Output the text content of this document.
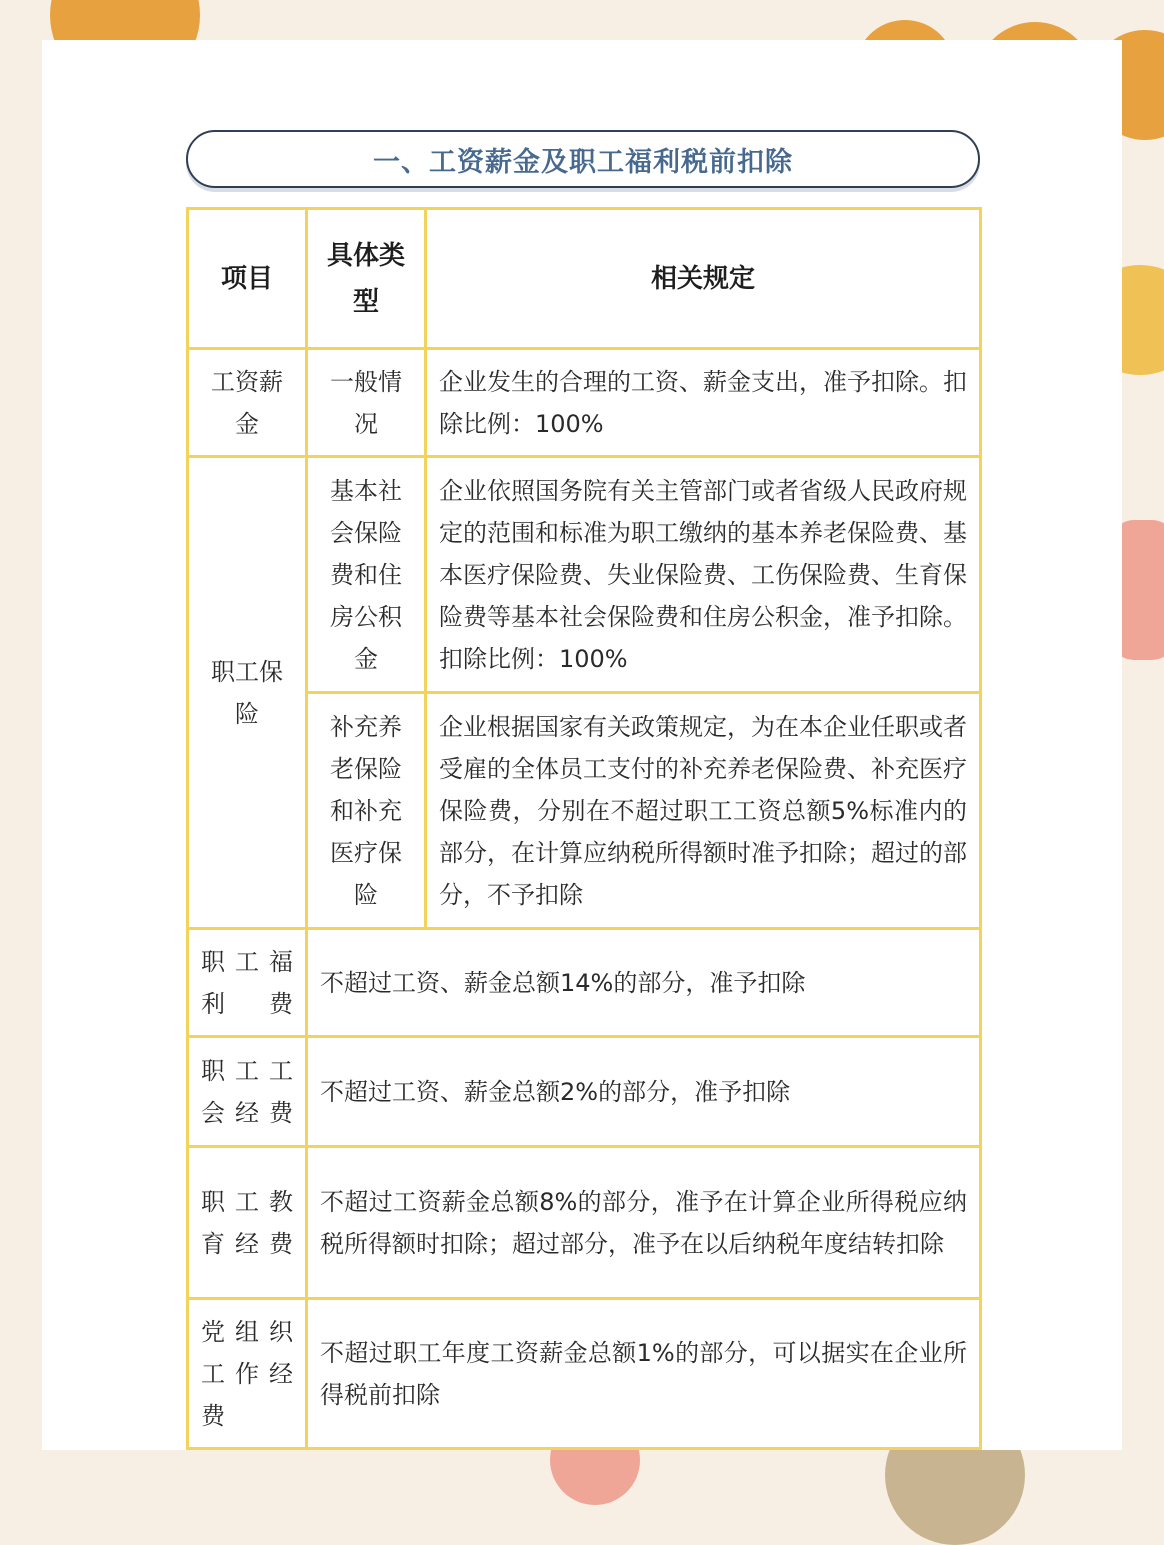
一、工资薪金及职工福利税前扣除
项目	具体类型	相关规定
工资薪金	一般情况	企业发生的合理的工资、薪金支出，准予扣除。扣除比例：100%
职工保险	基本社会保险费和住房公积金	企业依照国务院有关主管部门或者省级人民政府规定的范围和标准为职工缴纳的基本养老保险费、基本医疗保险费、失业保险费、工伤保险费、生育保险费等基本社会保险费和住房公积金，准予扣除。扣除比例：100%
	补充养老保险和补充医疗保险	企业根据国家有关政策规定，为在本企业任职或者受雇的全体员工支付的补充养老保险费、补充医疗保险费，分别在不超过职工工资总额5%标准内的部分，在计算应纳税所得额时准予扣除；超过的部分，不予扣除
职工福利费	不超过工资、薪金总额14%的部分，准予扣除	
职工工会经费	不超过工资、薪金总额2%的部分，准予扣除	
职工教育经费	不超过工资薪金总额8%的部分，准予在计算企业所得税应纳税所得额时扣除；超过部分，准予在以后纳税年度结转扣除	
党组织工作经费	不超过职工年度工资薪金总额1%的部分，可以据实在企业所得税前扣除	
